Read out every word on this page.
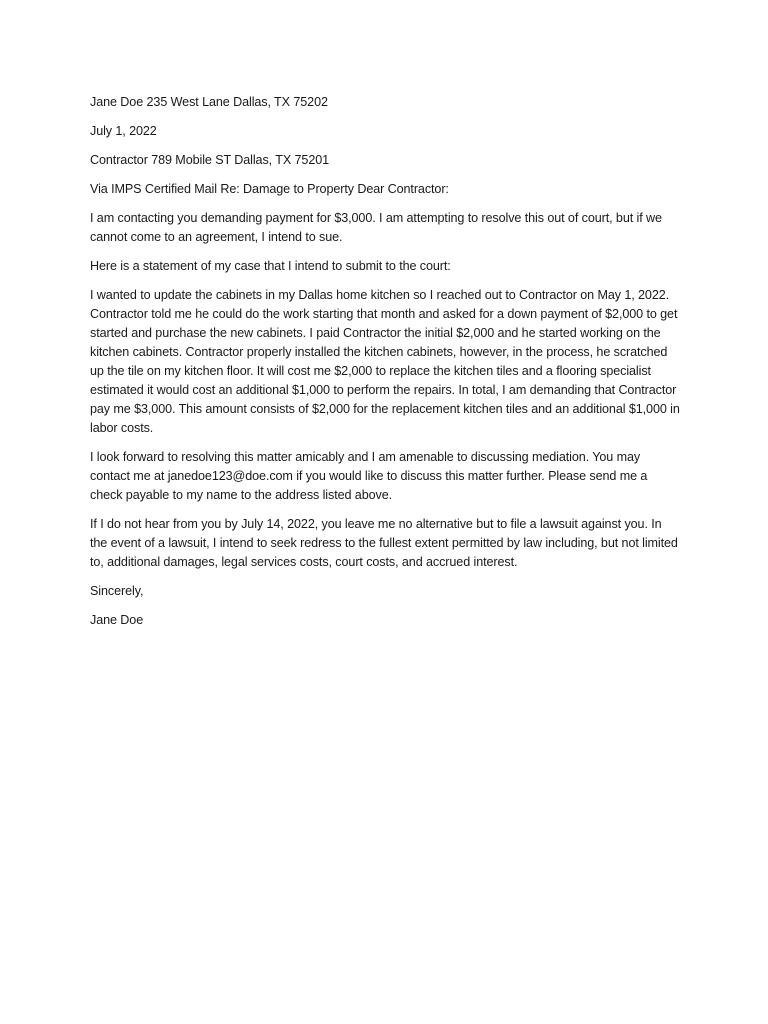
Jane Doe 235 West Lane Dallas, TX 75202

July 1, 2022

Contractor 789 Mobile ST Dallas, TX 75201

Via IMPS Certified Mail Re: Damage to Property Dear Contractor:

I am contacting you demanding payment for $3,000. I am attempting to resolve this out of court, but if we cannot come to an agreement, I intend to sue.

Here is a statement of my case that I intend to submit to the court:

I wanted to update the cabinets in my Dallas home kitchen so I reached out to Contractor on May 1, 2022. Contractor told me he could do the work starting that month and asked for a down payment of $2,000 to get started and purchase the new cabinets. I paid Contractor the initial $2,000 and he started working on the kitchen cabinets. Contractor properly installed the kitchen cabinets, however, in the process, he scratched up the tile on my kitchen floor. It will cost me $2,000 to replace the kitchen tiles and a flooring specialist estimated it would cost an additional $1,000 to perform the repairs. In total, I am demanding that Contractor pay me $3,000. This amount consists of $2,000 for the replacement kitchen tiles and an additional $1,000 in labor costs.

I look forward to resolving this matter amicably and I am amenable to discussing mediation. You may contact me at janedoe123@doe.com if you would like to discuss this matter further. Please send me a check payable to my name to the address listed above.

If I do not hear from you by July 14, 2022, you leave me no alternative but to file a lawsuit against you. In the event of a lawsuit, I intend to seek redress to the fullest extent permitted by law including, but not limited to, additional damages, legal services costs, court costs, and accrued interest.

Sincerely,

Jane Doe
